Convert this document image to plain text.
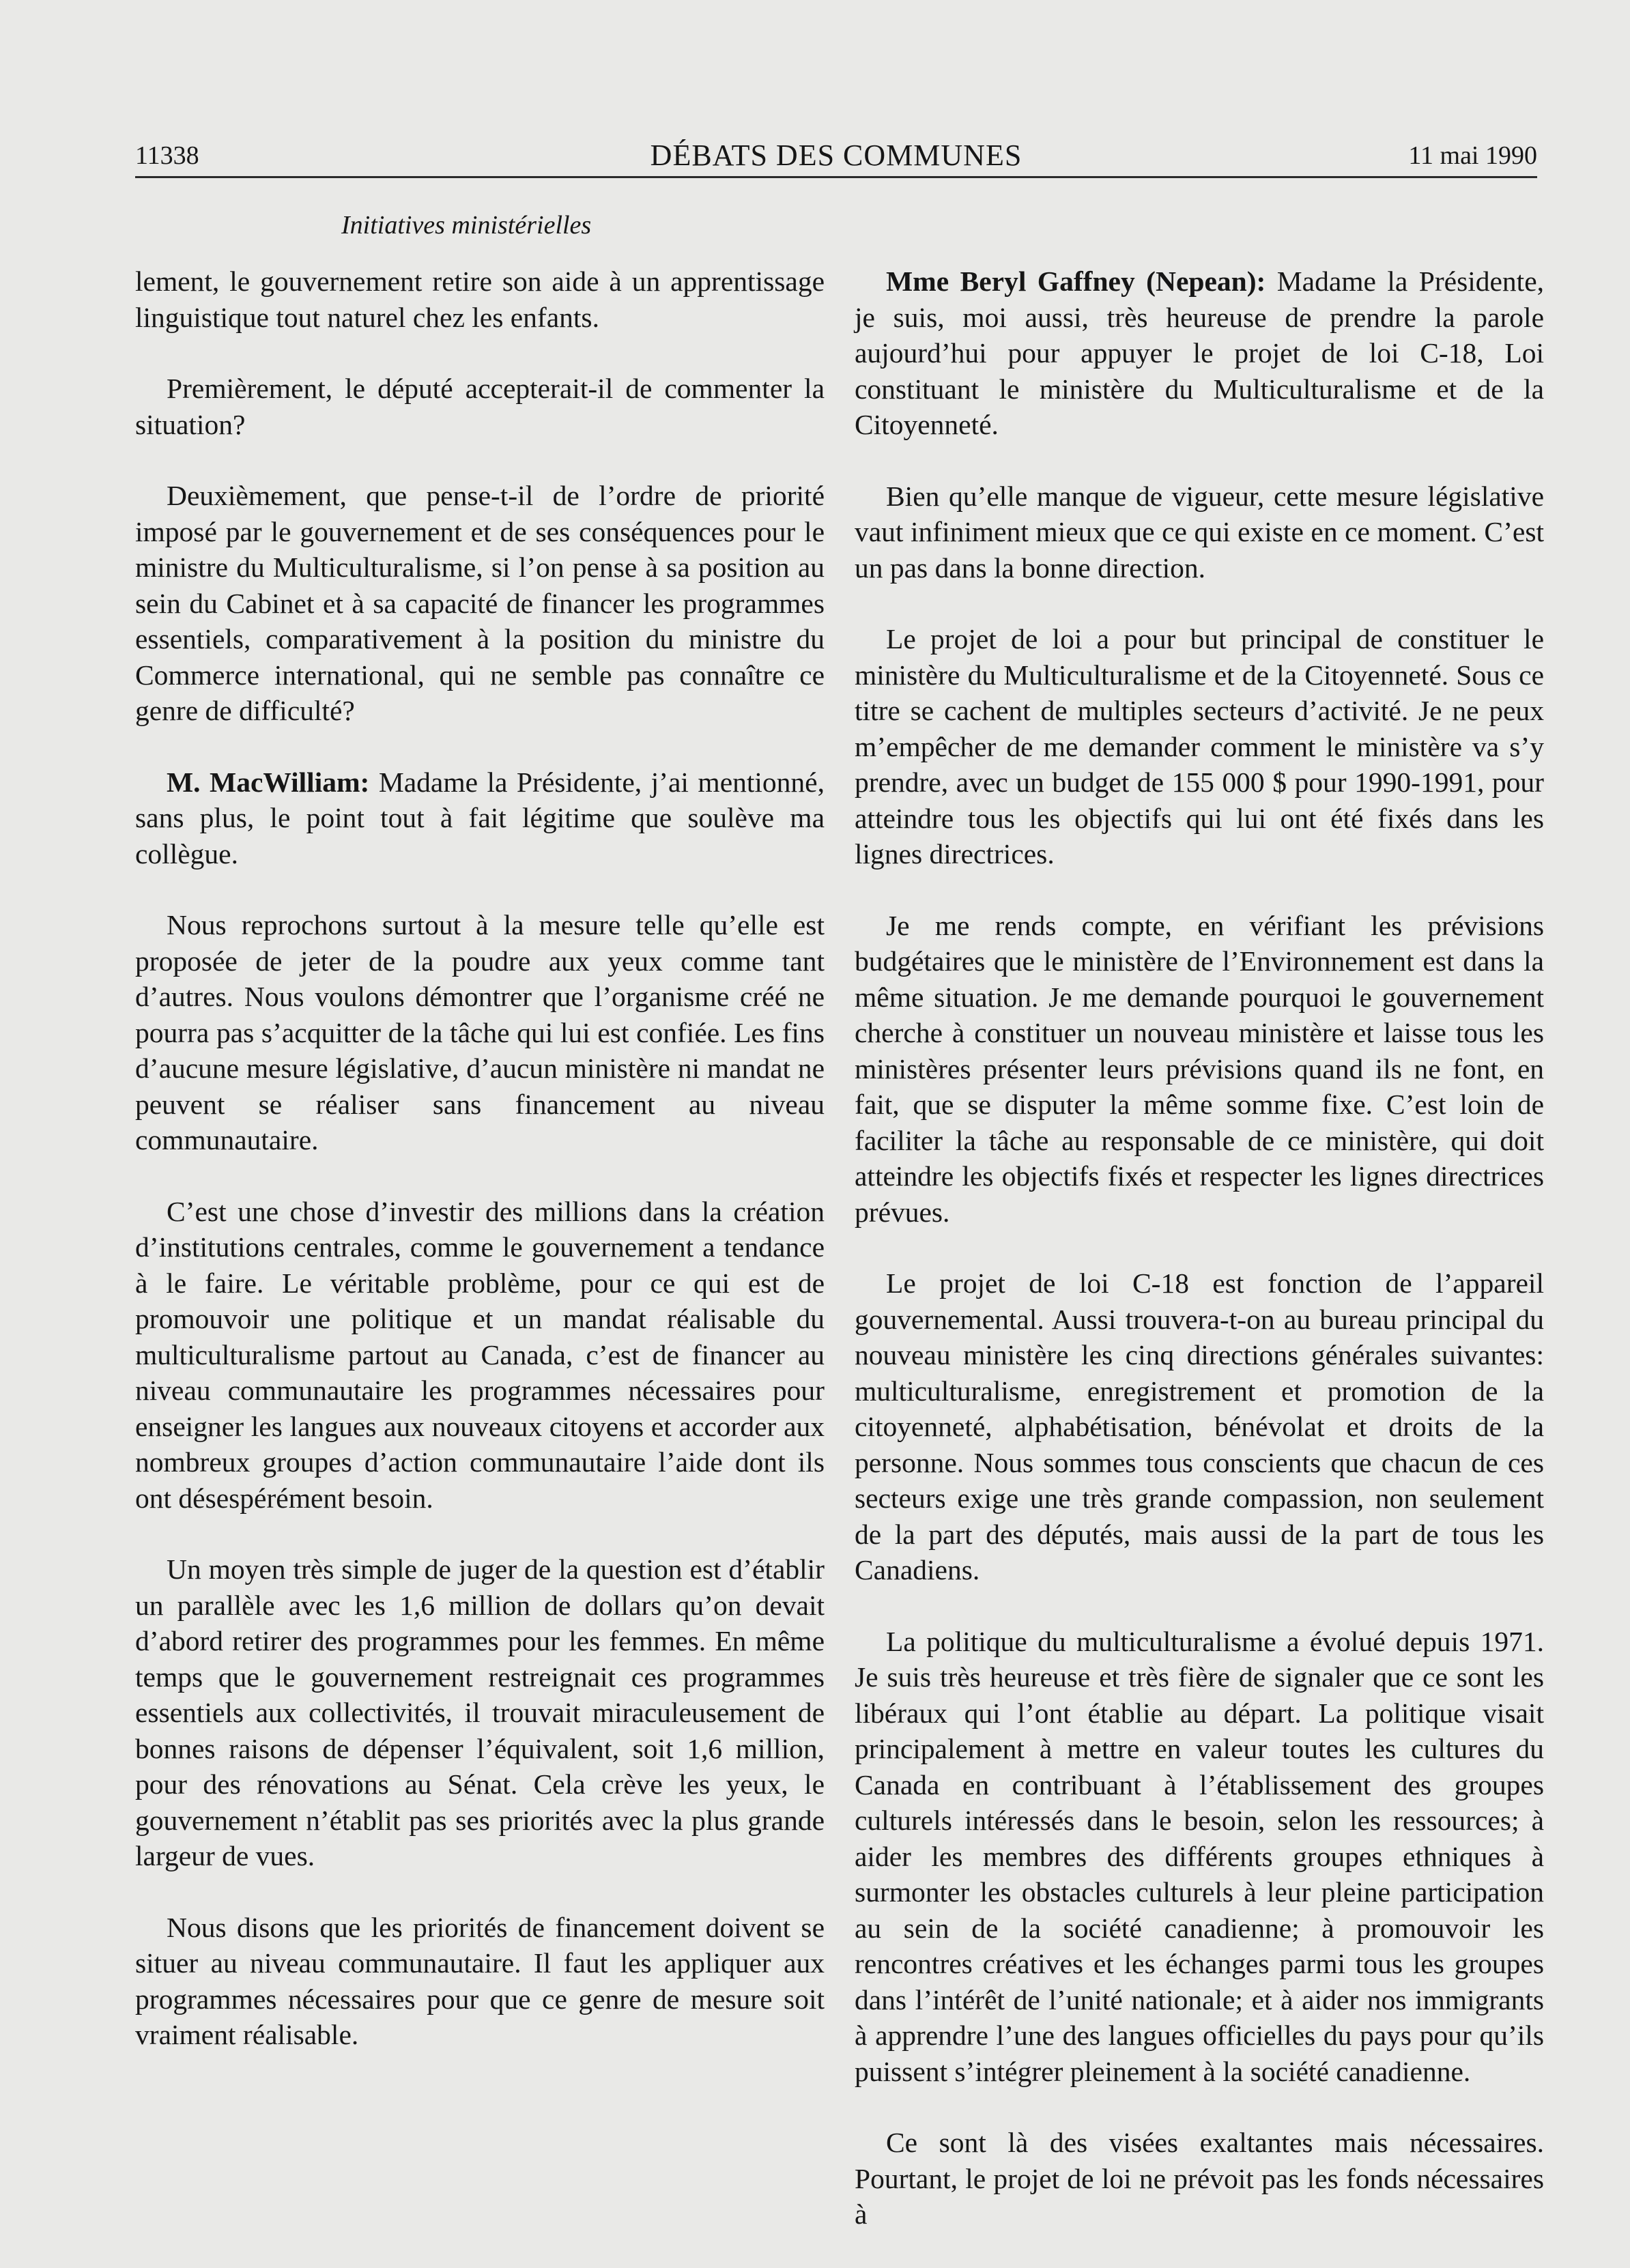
11338	DÉBATS DES COMMUNES	11 mai 1990
Initiatives ministérielles

lement, le gouvernement retire son aide à un apprentissage linguistique tout naturel chez les enfants.

Premièrement, le député accepterait-il de commenter la situation?

Deuxièmement, que pense-t-il de l’ordre de priorité imposé par le gouvernement et de ses conséquences pour le ministre du Multiculturalisme, si l’on pense à sa position au sein du Cabinet et à sa capacité de financer les programmes essentiels, comparativement à la position du ministre du Commerce international, qui ne semble pas connaître ce genre de difficulté?

M. MacWilliam: Madame la Présidente, j’ai mentionné, sans plus, le point tout à fait légitime que soulève ma collègue.

Nous reprochons surtout à la mesure telle qu’elle est proposée de jeter de la poudre aux yeux comme tant d’autres. Nous voulons démontrer que l’organisme créé ne pourra pas s’acquitter de la tâche qui lui est confiée. Les fins d’aucune mesure législative, d’aucun ministère ni mandat ne peuvent se réaliser sans financement au niveau communautaire.

C’est une chose d’investir des millions dans la création d’institutions centrales, comme le gouvernement a tendance à le faire. Le véritable problème, pour ce qui est de promouvoir une politique et un mandat réalisable du multiculturalisme partout au Canada, c’est de financer au niveau communautaire les programmes nécessaires pour enseigner les langues aux nouveaux citoyens et accorder aux nombreux groupes d’action communautaire l’aide dont ils ont désespérément besoin.

Un moyen très simple de juger de la question est d’établir un parallèle avec les 1,6 million de dollars qu’on devait d’abord retirer des programmes pour les femmes. En même temps que le gouvernement restreignait ces programmes essentiels aux collectivités, il trouvait miraculeusement de bonnes raisons de dépenser l’équivalent, soit 1,6 million, pour des rénovations au Sénat. Cela crève les yeux, le gouvernement n’établit pas ses priorités avec la plus grande largeur de vues.

Nous disons que les priorités de financement doivent se situer au niveau communautaire. Il faut les appliquer aux programmes nécessaires pour que ce genre de mesure soit vraiment réalisable.

Mme Beryl Gaffney (Nepean): Madame la Présidente, je suis, moi aussi, très heureuse de prendre la parole aujourd’hui pour appuyer le projet de loi C-18, Loi constituant le ministère du Multiculturalisme et de la Citoyenneté.

Bien qu’elle manque de vigueur, cette mesure législative vaut infiniment mieux que ce qui existe en ce moment. C’est un pas dans la bonne direction.

Le projet de loi a pour but principal de constituer le ministère du Multiculturalisme et de la Citoyenneté. Sous ce titre se cachent de multiples secteurs d’activité. Je ne peux m’empêcher de me demander comment le ministère va s’y prendre, avec un budget de 155 000 $ pour 1990-1991, pour atteindre tous les objectifs qui lui ont été fixés dans les lignes directrices.

Je me rends compte, en vérifiant les prévisions budgétaires que le ministère de l’Environnement est dans la même situation. Je me demande pourquoi le gouvernement cherche à constituer un nouveau ministère et laisse tous les ministères présenter leurs prévisions quand ils ne font, en fait, que se disputer la même somme fixe. C’est loin de faciliter la tâche au responsable de ce ministère, qui doit atteindre les objectifs fixés et respecter les lignes directrices prévues.

Le projet de loi C-18 est fonction de l’appareil gouvernemental. Aussi trouvera-t-on au bureau principal du nouveau ministère les cinq directions générales suivantes: multiculturalisme, enregistrement et promotion de la citoyenneté, alphabétisation, bénévolat et droits de la personne. Nous sommes tous conscients que chacun de ces secteurs exige une très grande compassion, non seulement de la part des députés, mais aussi de la part de tous les Canadiens.

La politique du multiculturalisme a évolué depuis 1971. Je suis très heureuse et très fière de signaler que ce sont les libéraux qui l’ont établie au départ. La politique visait principalement à mettre en valeur toutes les cultures du Canada en contribuant à l’établissement des groupes culturels intéressés dans le besoin, selon les ressources; à aider les membres des différents groupes ethniques à surmonter les obstacles culturels à leur pleine participation au sein de la société canadienne; à promouvoir les rencontres créatives et les échanges parmi tous les groupes dans l’intérêt de l’unité nationale; et à aider nos immigrants à apprendre l’une des langues officielles du pays pour qu’ils puissent s’intégrer pleinement à la société canadienne.

Ce sont là des visées exaltantes mais nécessaires. Pourtant, le projet de loi ne prévoit pas les fonds nécessaires à
